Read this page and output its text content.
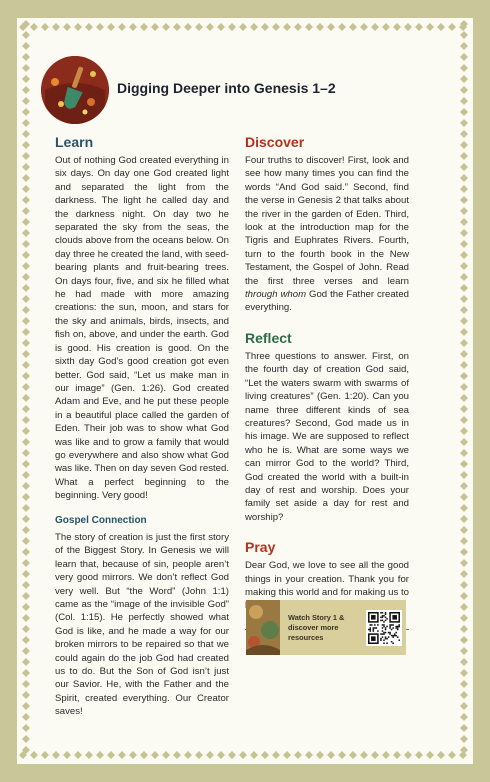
Digging Deeper into Genesis 1–2
Learn

Out of nothing God created everything in six days. On day one God created light and separated the light from the darkness. The light he called day and the darkness night. On day two he separated the sky from the seas, the clouds above from the oceans below. On day three he created the land, with seed-bearing plants and fruit-bearing trees. On days four, five, and six he filled what he had made with more amazing creations: the sun, moon, and stars for the sky and animals, birds, insects, and fish on, above, and under the earth. God is good. His creation is good. On the sixth day God’s good creation got even better. God said, “Let us make man in our image” (Gen. 1:26). God created Adam and Eve, and he put these people in a beautiful place called the garden of Eden. Their job was to show what God was like and to grow a family that would go everywhere and also show what God was like. Then on day seven God rested. What a perfect beginning to the beginning. Very good!

Gospel Connection

The story of creation is just the first story of the Biggest Story. In Genesis we will learn that, because of sin, people aren’t very good mirrors. We don’t reflect God very well. But “the Word” (John 1:1) came as the “image of the invisible God” (Col. 1:15). He perfectly showed what God is like, and he made a way for our broken mirrors to be repaired so that we could again do the job God had created us to do. But the Son of God isn’t just our Savior. He, with the Father and the Spirit, created everything. Our Creator saves!

Discover

Four truths to discover! First, look and see how many times you can find the words “And God said.” Second, find the verse in Genesis 2 that talks about the river in the garden of Eden. Third, look at the introduction map for the Tigris and Euphrates Rivers. Fourth, turn to the fourth book in the New Testament, the Gospel of John. Read the first three verses and learn through whom God the Father created everything.

Reflect

Three questions to answer. First, on the fourth day of creation God said, “Let the waters swarm with swarms of living creatures” (Gen. 1:20). Can you name three different kinds of sea creatures? Second, God made us in his image. We are supposed to reflect who he is. What are some ways we can mirror God to the world? Third, God created the world with a built-in day of rest and worship. Does your family set aside a day for rest and worship?

Pray

Dear God, we love to see all the good things in your creation. Thank you for making this world and for making us to

Watch Story 1 & discover more resources
